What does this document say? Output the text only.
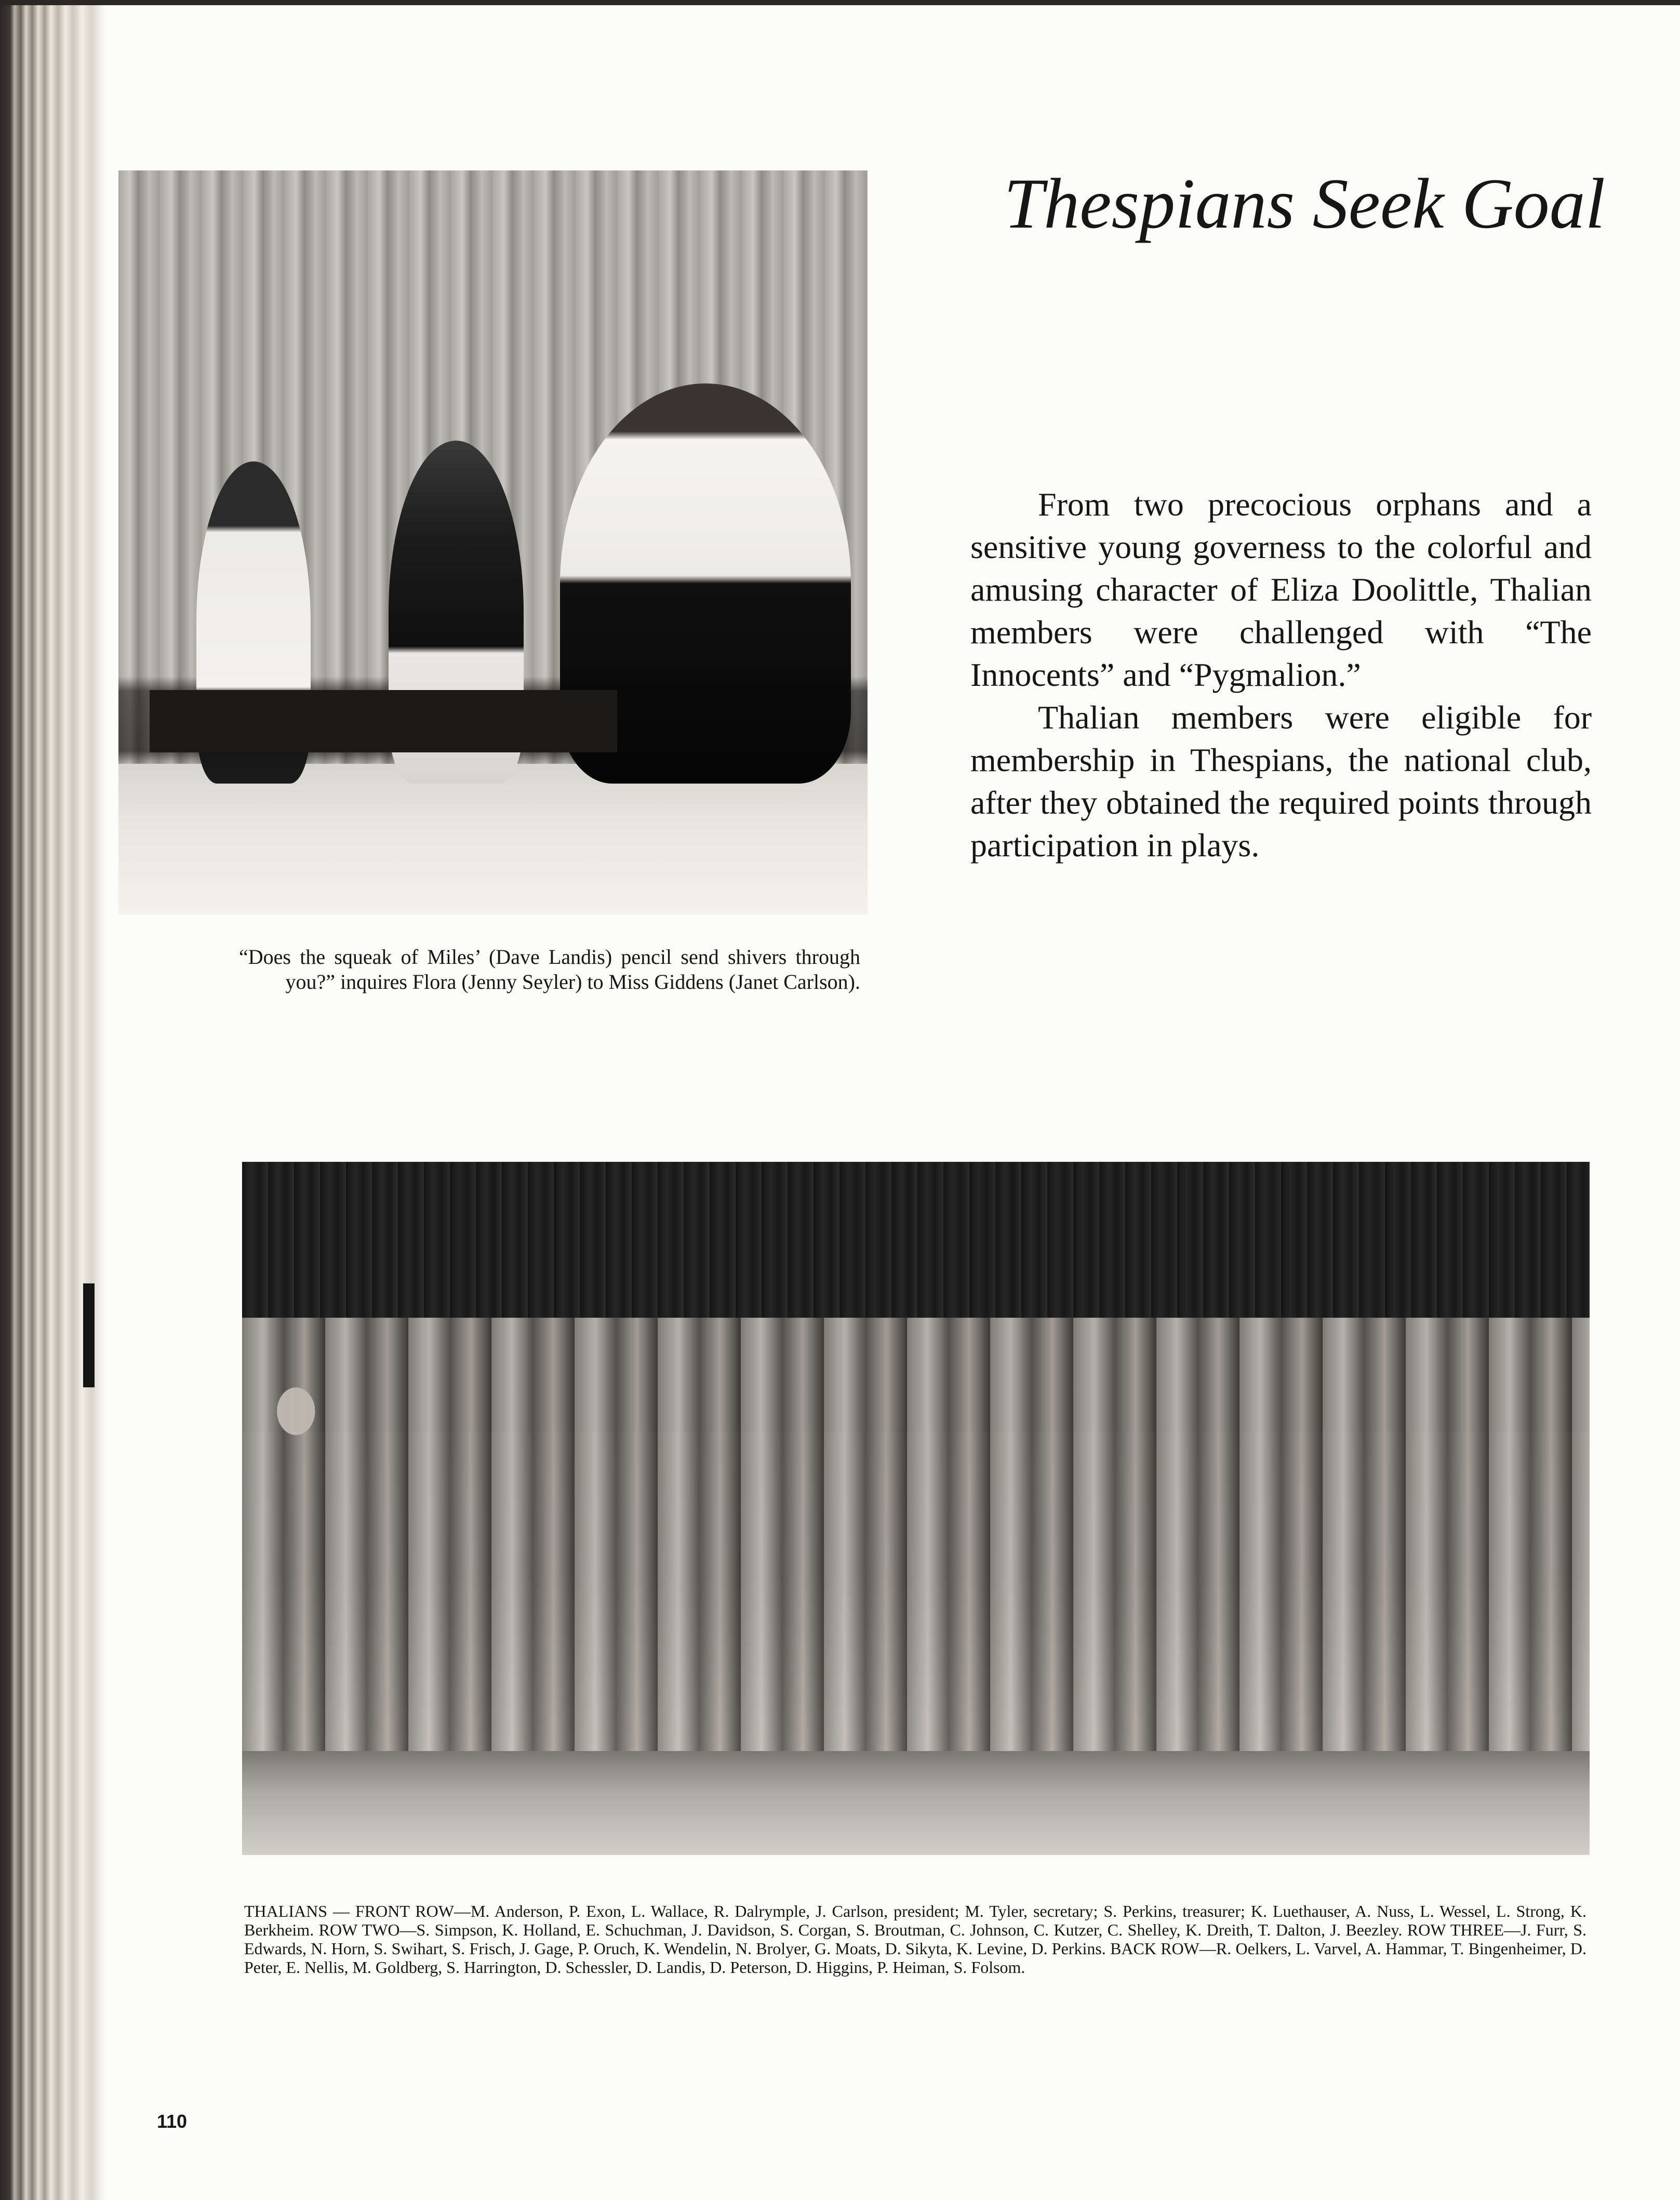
Thespians Seek Goal

From two precocious orphans and a sensitive young governess to the colorful and amusing character of Eliza Doolittle, Thalian members were challenged with “The Innocents” and “Pygmalion.”

Thalian members were eligible for membership in Thespians, the national club, after they obtained the required points through participation in plays.

“Does the squeak of Miles’ (Dave Landis) pencil send shivers through you?” inquires Flora (Jenny Seyler) to Miss Giddens (Janet Carlson).

THALIANS — FRONT ROW—M. Anderson, P. Exon, L. Wallace, R. Dalrymple, J. Carlson, president; M. Tyler, secretary; S. Perkins, treasurer; K. Luethauser, A. Nuss, L. Wessel, L. Strong, K. Berkheim. ROW TWO—S. Simpson, K. Holland, E. Schuchman, J. Davidson, S. Corgan, S. Broutman, C. Johnson, C. Kutzer, C. Shelley, K. Dreith, T. Dalton, J. Beezley. ROW THREE—J. Furr, S. Edwards, N. Horn, S. Swihart, S. Frisch, J. Gage, P. Oruch, K. Wendelin, N. Brolyer, G. Moats, D. Sikyta, K. Levine, D. Perkins. BACK ROW—R. Oelkers, L. Varvel, A. Hammar, T. Bingenheimer, D. Peter, E. Nellis, M. Goldberg, S. Harrington, D. Schessler, D. Landis, D. Peterson, D. Higgins, P. Heiman, S. Folsom.

110
